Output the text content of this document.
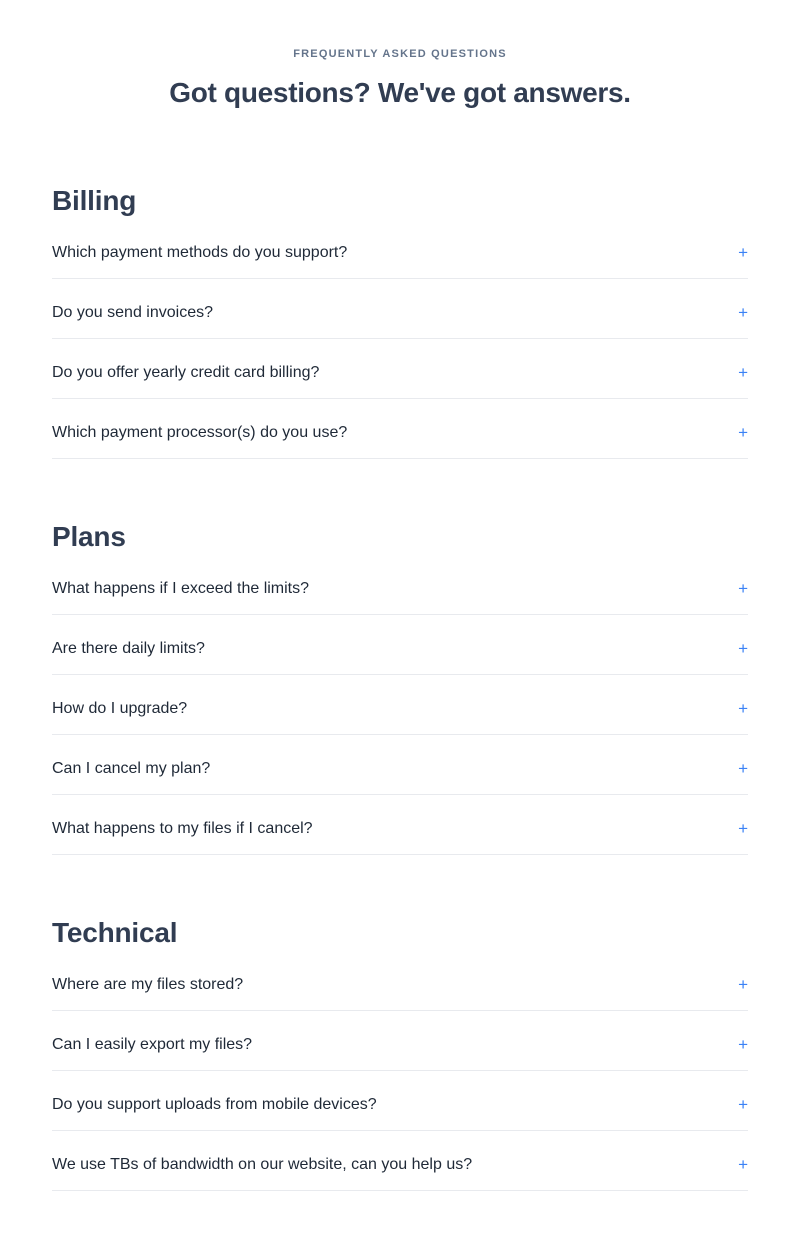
FREQUENTLY ASKED QUESTIONS
Got questions? We've got answers.
Billing
Which payment methods do you support?	+
Do you send invoices?	+
Do you offer yearly credit card billing?	+
Which payment processor(s) do you use?	+
Plans
What happens if I exceed the limits?	+
Are there daily limits?	+
How do I upgrade?	+
Can I cancel my plan?	+
What happens to my files if I cancel?	+
Technical
Where are my files stored?	+
Can I easily export my files?	+
Do you support uploads from mobile devices?	+
We use TBs of bandwidth on our website, can you help us?	+
